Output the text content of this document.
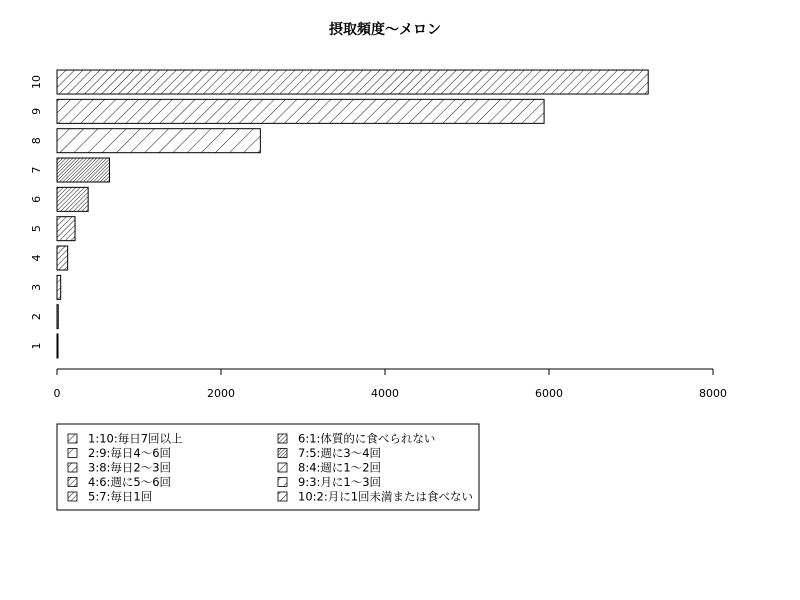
摂取頻度～メロン
1
2
3
4
5
6
7
8
9
10
0	2000	4000	6000	8000
1:10:毎日7回以上
2:9:毎日4～6回
3:8:毎日2～3回
4:6:週に5～6回
5:7:毎日1回
6:1:体質的に食べられない
7:5:週に3～4回
8:4:週に1～2回
9:3:月に1～3回
10:2:月に1回未満または食べない
